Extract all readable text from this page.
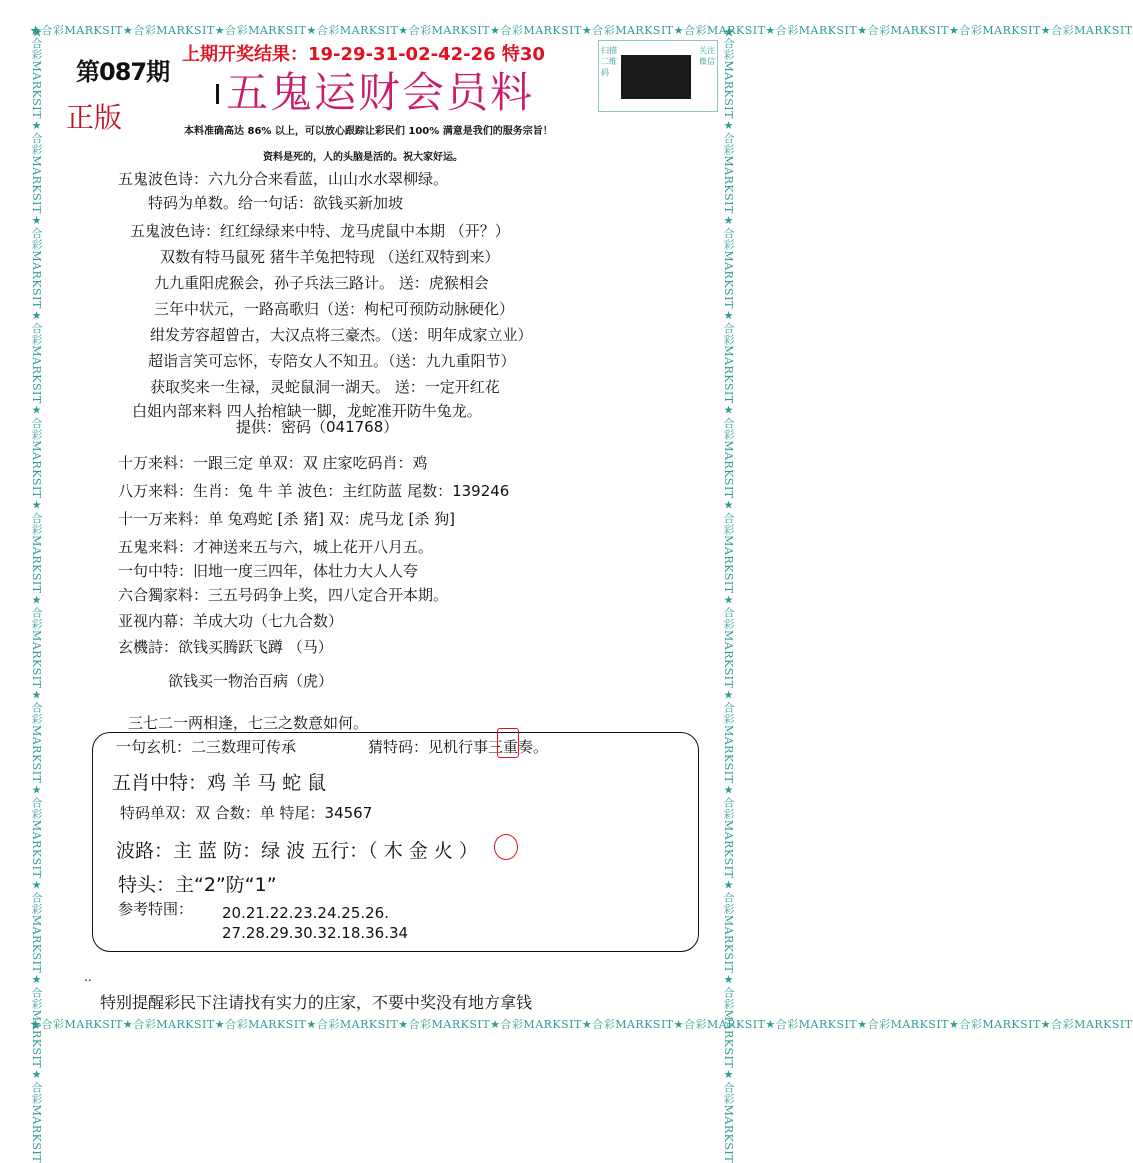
★合彩MARKSIT★合彩MARKSIT★合彩MARKSIT★合彩MARKSIT★合彩MARKSIT★合彩MARKSIT★合彩MARKSIT★合彩MARKSIT★合彩MARKSIT★合彩MARKSIT★合彩MARKSIT★合彩MARKSIT
★合彩MARKSIT★合彩MARKSIT★合彩MARKSIT★合彩MARKSIT★合彩MARKSIT★合彩MARKSIT★合彩MARKSIT★合彩MARKSIT★合彩MARKSIT★合彩MARKSIT★合彩MARKSIT★合彩MARKSIT
★合彩MARKSIT★合彩MARKSIT★合彩MARKSIT★合彩MARKSIT★合彩MARKSIT★合彩MARKSIT★合彩MARKSIT★合彩MARKSIT★合彩MARKSIT★合彩MARKSIT★合彩MARKSIT★合彩MARKSIT	★合彩MARKSIT★合彩MARKSIT★合彩MARKSIT★合彩MARKSIT★合彩MARKSIT★合彩MARKSIT★合彩MARKSIT★合彩MARKSIT★合彩MARKSIT★合彩MARKSIT★合彩MARKSIT★合彩MARKSIT
第087期
上期开奖结果：19-29-31-02-42-26 特30
正版
五鬼运财会员料
扫描二维码
关注微信
本料准确高达 86% 以上，可以放心跟踪让彩民们 100% 满意是我们的服务宗旨！
资料是死的，人的头脑是活的。祝大家好运。
五鬼波色诗：六九分合来看蓝，山山水水翠柳绿。
特码为单数。给一句话：欲钱买新加坡
五鬼波色诗：红红绿绿来中特、龙马虎鼠中本期 （开？）
双数有特马鼠死 猪牛羊兔把特现 （送红双特到来）
九九重阳虎猴会，孙子兵法三路计。 送：虎猴相会
三年中状元，一路高歌归（送：枸杞可预防动脉硬化）
绀发芳容超曾古，大汉点将三豪杰。（送：明年成家立业）
超诣言笑可忘怀，专陪女人不知丑。（送：九九重阳节）
获取奖来一生禄，灵蛇鼠洞一湖天。 送：一定开红花
白姐内部来料 四人抬棺缺一脚，龙蛇准开防牛兔龙。
提供：密码（041768）
十万来料：一跟三定 单双：双 庄家吃码肖：鸡
八万来料：生肖：兔 牛 羊 波色：主红防蓝 尾数：139246
十一万来料：单 兔鸡蛇 [杀 猪] 双：虎马龙 [杀 狗]
五鬼来料：才神送来五与六，城上花开八月五。
一句中特：旧地一度三四年，体壮力大人人夸
六合獨家料：三五号码争上奖，四八定合开本期。
亚视内幕：羊成大功（七九合数）
玄機詩：欲钱买腾跃飞蹲 （马）
欲钱买一物治百病（虎）
三七二一两相逢，七三之数意如何。
一句玄机：二三数理可传承	猜特码：见机行事三重奏。
五肖中特：鸡 羊 马 蛇 鼠
特码单双：双 合数：单 特尾：34567
波路：主 蓝 防：绿 波 五行：（ 木 金 火 ）
特头：主“2”防“1”
参考特围： 20.21.22.23.24.25.26.
27.28.29.30.32.18.36.34
..
特别提醒彩民下注请找有实力的庄家，不要中奖没有地方拿钱
